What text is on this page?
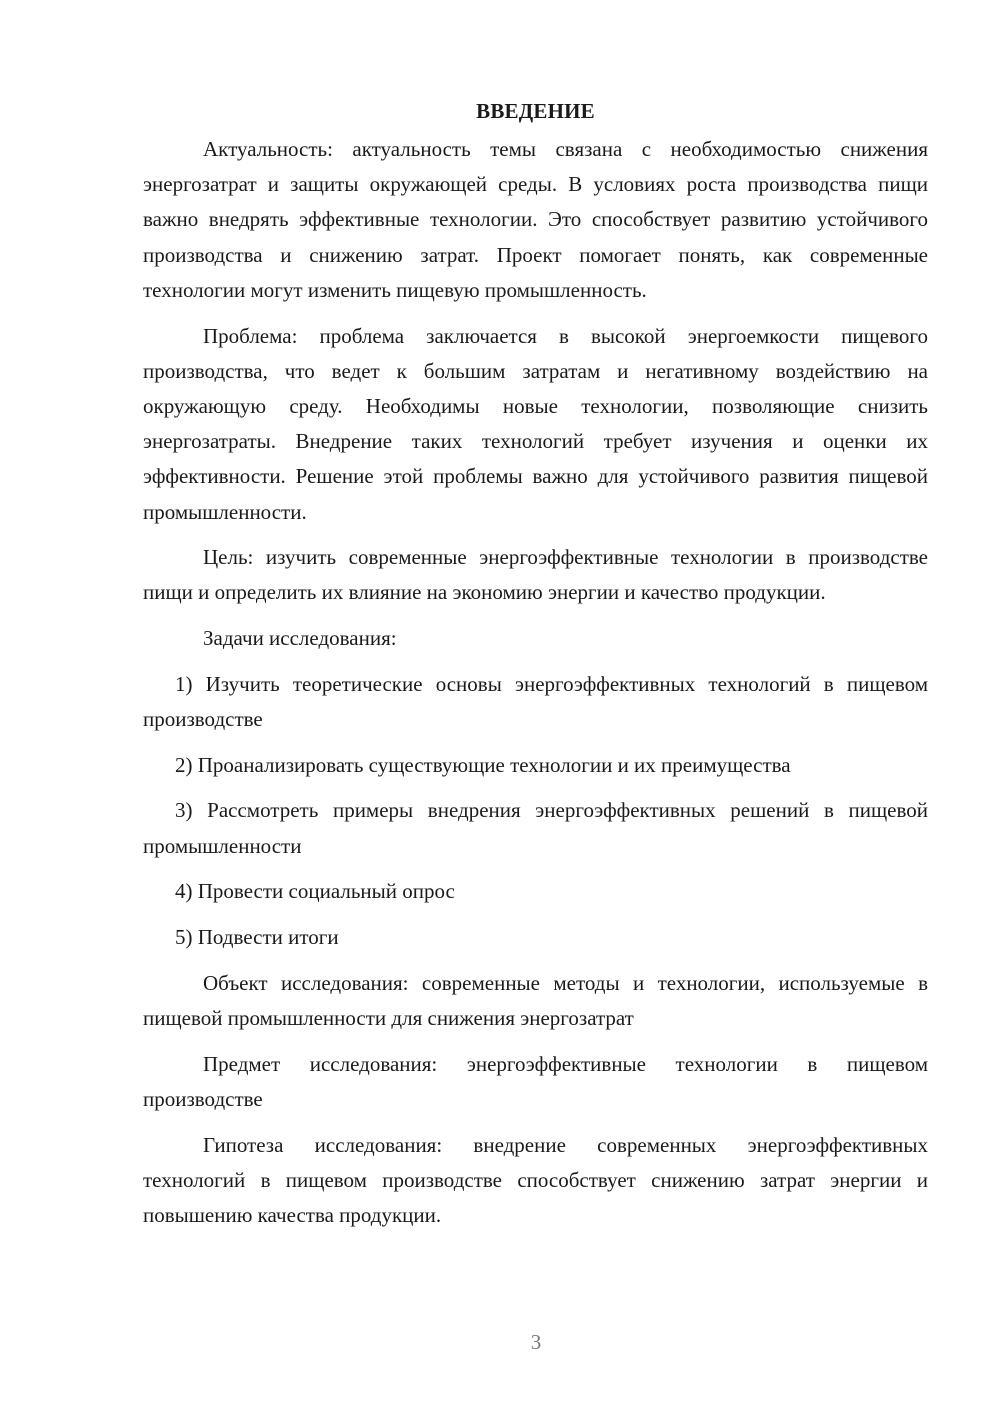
ВВЕДЕНИЕ

Актуальность: актуальность темы связана с необходимостью снижения энергозатрат и защиты окружающей среды. В условиях роста производства пищи важно внедрять эффективные технологии. Это способствует развитию устойчивого производства и снижению затрат. Проект помогает понять, как современные технологии могут изменить пищевую промышленность.

Проблема: проблема заключается в высокой энергоемкости пищевого производства, что ведет к большим затратам и негативному воздействию на окружающую среду. Необходимы новые технологии, позволяющие снизить энергозатраты. Внедрение таких технологий требует изучения и оценки их эффективности. Решение этой проблемы важно для устойчивого развития пищевой промышленности.

Цель: изучить современные энергоэффективные технологии в производстве пищи и определить их влияние на экономию энергии и качество продукции.

Задачи исследования:

1) Изучить теоретические основы энергоэффективных технологий в пищевом производстве

2) Проанализировать существующие технологии и их преимущества

3) Рассмотреть примеры внедрения энергоэффективных решений в пищевой промышленности

4) Провести социальный опрос

5) Подвести итоги

Объект исследования: современные методы и технологии, используемые в пищевой промышленности для снижения энергозатрат

Предмет исследования: энергоэффективные технологии в пищевом производстве

Гипотеза исследования: внедрение современных энергоэффективных технологий в пищевом производстве способствует снижению затрат энергии и повышению качества продукции.

3
